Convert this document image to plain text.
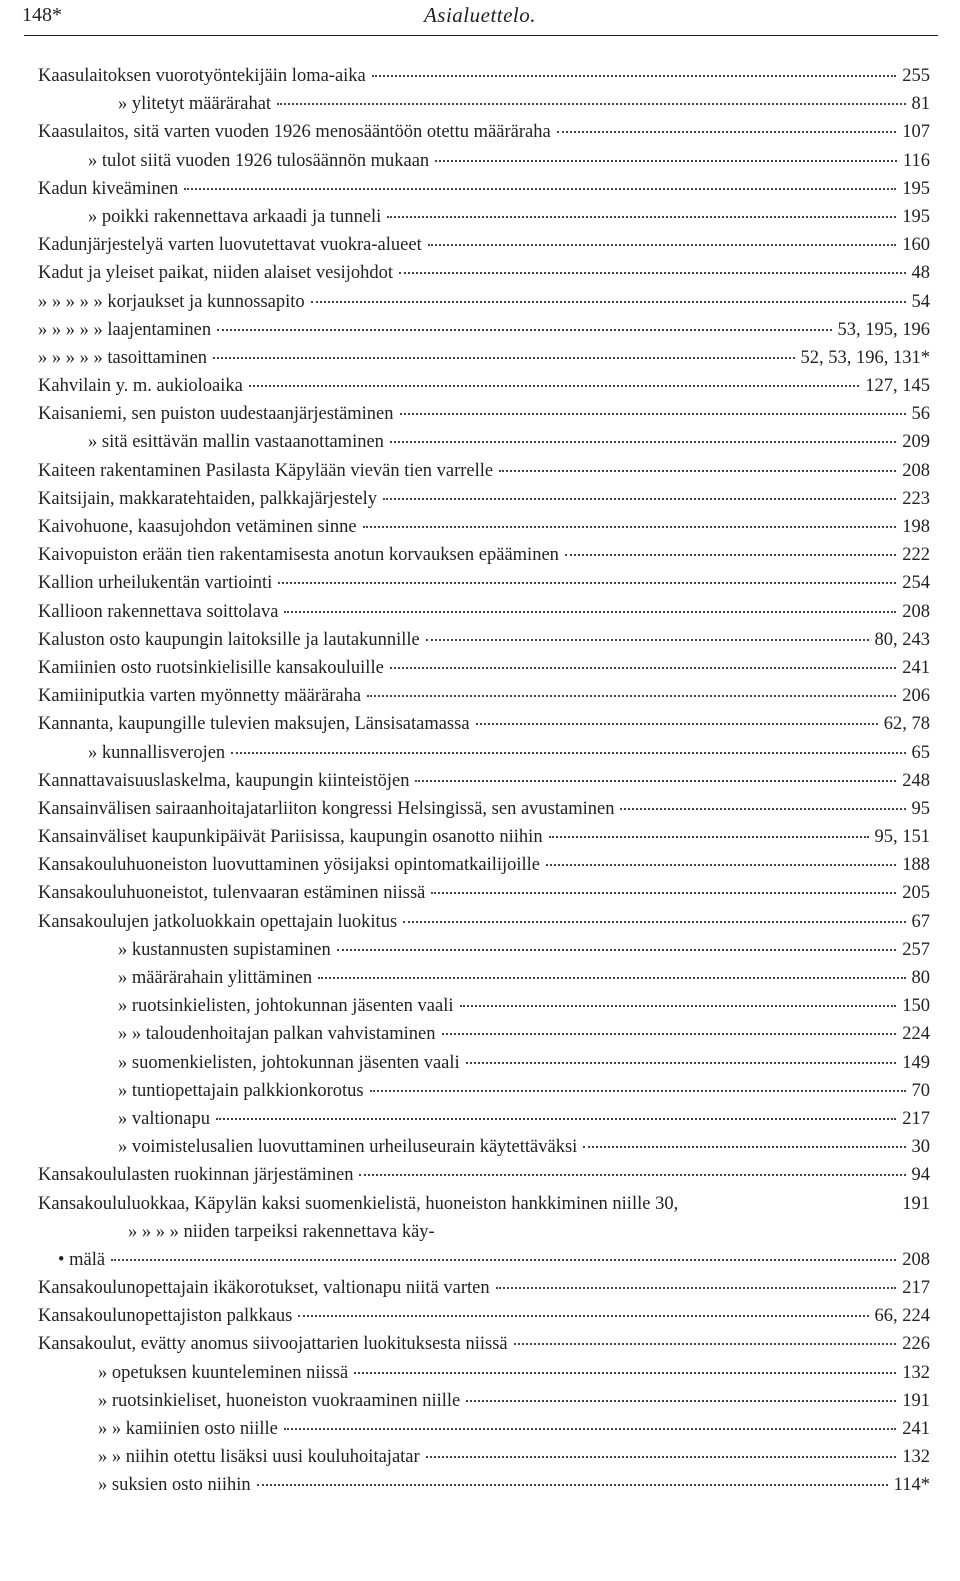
148*	Asialuettelo.
Kaasulaitoksen vuorotyöntekijäin loma-aika	255
» ylitetyt määrärahat	81
Kaasulaitos, sitä varten vuoden 1926 menosääntöön otettu määräraha	107
» tulot siitä vuoden 1926 tulosäännön mukaan	116
Kadun kiveäminen	195
» poikki rakennettava arkaadi ja tunneli	195
Kadunjärjestelyä varten luovutettavat vuokra-alueet	160
Kadut ja yleiset paikat, niiden alaiset vesijohdot	48
» » » » » korjaukset ja kunnossapito	54
» » » » » laajentaminen	53, 195, 196
» » » » » tasoittaminen	52, 53, 196, 131*
Kahvilain y. m. aukioloaika	127, 145
Kaisaniemi, sen puiston uudestaanjärjestäminen	56
» sitä esittävän mallin vastaanottaminen	209
Kaiteen rakentaminen Pasilasta Käpylään vievän tien varrelle	208
Kaitsijain, makkaratehtaiden, palkkajärjestely	223
Kaivohuone, kaasujohdon vetäminen sinne	198
Kaivopuiston erään tien rakentamisesta anotun korvauksen epääminen	222
Kallion urheilukentän vartiointi	254
Kallioon rakennettava soittolava	208
Kaluston osto kaupungin laitoksille ja lautakunnille	80, 243
Kamiinien osto ruotsinkielisille kansakouluille	241
Kamiiniputkia varten myönnetty määräraha	206
Kannanta, kaupungille tulevien maksujen, Länsisatamassa	62, 78
» kunnallisverojen	65
Kannattavaisuuslaskelma, kaupungin kiinteistöjen	248
Kansainvälisen sairaanhoitajatarliiton kongressi Helsingissä, sen avustaminen	95
Kansainväliset kaupunkipäivät Pariisissa, kaupungin osanotto niihin	95, 151
Kansakouluhuoneiston luovuttaminen yösijaksi opintomatkailijoille	188
Kansakouluhuoneistot, tulenvaaran estäminen niissä	205
Kansakoulujen jatkoluokkain opettajain luokitus	67
» kustannusten supistaminen	257
» määrärahain ylittäminen	80
» ruotsinkielisten, johtokunnan jäsenten vaali	150
» » taloudenhoitajan palkan vahvistaminen	224
» suomenkielisten, johtokunnan jäsenten vaali	149
» tuntiopettajain palkkionkorotus	70
» valtionapu	217
» voimistelusalien luovuttaminen urheiluseurain käytettäväksi	30
Kansakoululasten ruokinnan järjestäminen	94
Kansakoululuokkaa, Käpylän kaksi suomenkielistä, huoneiston hankkiminen niille 30,	191
» » » » niiden tarpeiksi rakennettava käy-
• mälä	208
Kansakoulunopettajain ikäkorotukset, valtionapu niitä varten	217
Kansakoulunopettajiston palkkaus	66, 224
Kansakoulut, evätty anomus siivoojattarien luokituksesta niissä	226
» opetuksen kuunteleminen niissä	132
» ruotsinkieliset, huoneiston vuokraaminen niille	191
» » kamiinien osto niille	241
» » niihin otettu lisäksi uusi kouluhoitajatar	132
» suksien osto niihin	114*
